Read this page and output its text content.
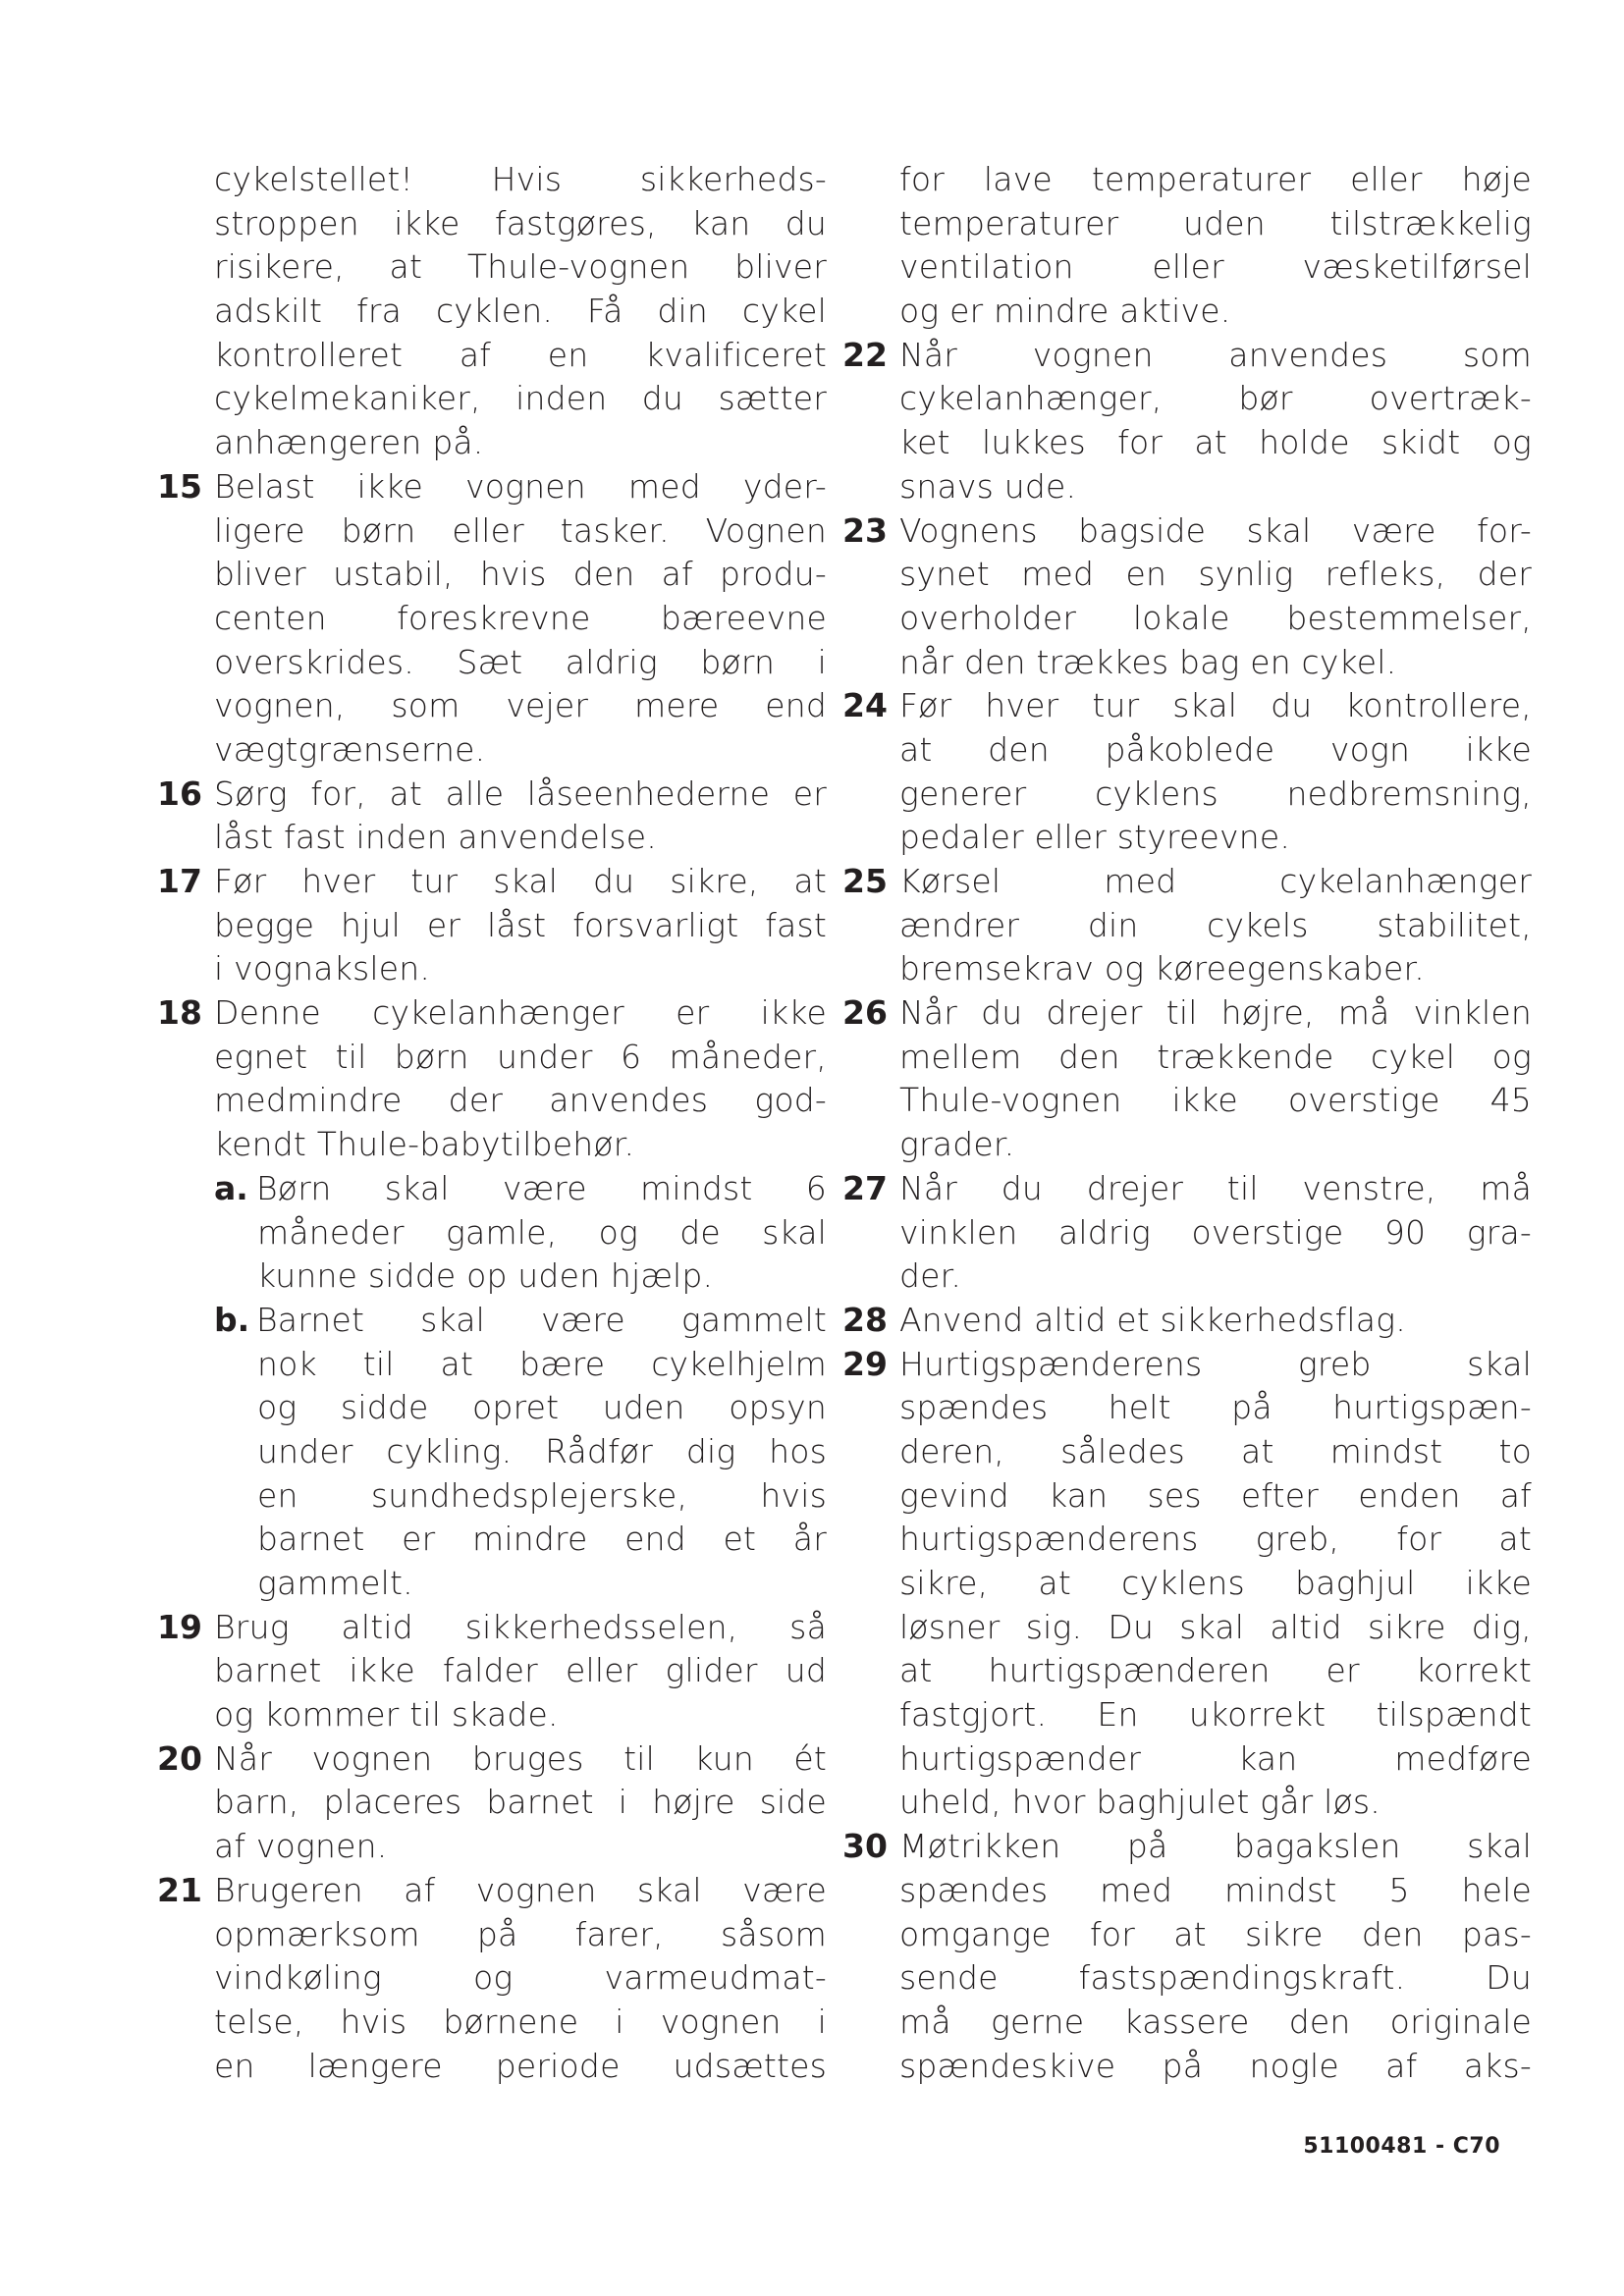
cykelstellet! Hvis sikkerheds-
stroppen ikke fastgøres, kan du
risikere, at Thule-vognen bliver
adskilt fra cyklen. Få din cykel
kontrolleret af en kvalificeret
cykelmekaniker, inden du sætter
anhængeren på.
15 Belast ikke vognen med yder-
ligere børn eller tasker. Vognen
bliver ustabil, hvis den af produ-
centen foreskrevne bæreevne
overskrides. Sæt aldrig børn i
vognen, som vejer mere end
vægtgrænserne.
16 Sørg for, at alle låseenhederne er
låst fast inden anvendelse.
17 Før hver tur skal du sikre, at
begge hjul er låst forsvarligt fast
i vognakslen.
18 Denne cykelanhænger er ikke
egnet til børn under 6 måneder,
medmindre der anvendes god-
kendt Thule-babytilbehør.
a. Børn skal være mindst 6
måneder gamle, og de skal
kunne sidde op uden hjælp.
b. Barnet skal være gammelt
nok til at bære cykelhjelm
og sidde opret uden opsyn
under cykling. Rådfør dig hos
en sundhedsplejerske, hvis
barnet er mindre end et år
gammelt.
19 Brug altid sikkerhedsselen, så
barnet ikke falder eller glider ud
og kommer til skade.
20 Når vognen bruges til kun ét
barn, placeres barnet i højre side
af vognen.
21 Brugeren af vognen skal være
opmærksom på farer, såsom
vindkøling og varmeudmat-
telse, hvis børnene i vognen i
en længere periode udsættes
for lave temperaturer eller høje
temperaturer uden tilstrækkelig
ventilation eller væsketilførsel
og er mindre aktive.
22 Når vognen anvendes som
cykelanhænger, bør overtræk-
ket lukkes for at holde skidt og
snavs ude.
23 Vognens bagside skal være for-
synet med en synlig refleks, der
overholder lokale bestemmelser,
når den trækkes bag en cykel.
24 Før hver tur skal du kontrollere,
at den påkoblede vogn ikke
generer cyklens nedbremsning,
pedaler eller styreevne.
25 Kørsel med cykelanhænger
ændrer din cykels stabilitet,
bremsekrav og køreegenskaber.
26 Når du drejer til højre, må vinklen
mellem den trækkende cykel og
Thule-vognen ikke overstige 45
grader.
27 Når du drejer til venstre, må
vinklen aldrig overstige 90 gra-
der.
28 Anvend altid et sikkerhedsflag.
29 Hurtigspænderens greb skal
spændes helt på hurtigspæn-
deren, således at mindst to
gevind kan ses efter enden af
hurtigspænderens greb, for at
sikre, at cyklens baghjul ikke
løsner sig. Du skal altid sikre dig,
at hurtigspænderen er korrekt
fastgjort. En ukorrekt tilspændt
hurtigspænder kan medføre
uheld, hvor baghjulet går løs.
30 Møtrikken på bagakslen skal
spændes med mindst 5 hele
omgange for at sikre den pas-
sende fastspændingskraft. Du
må gerne kassere den originale
spændeskive på nogle af aks-
51100481 - C70
